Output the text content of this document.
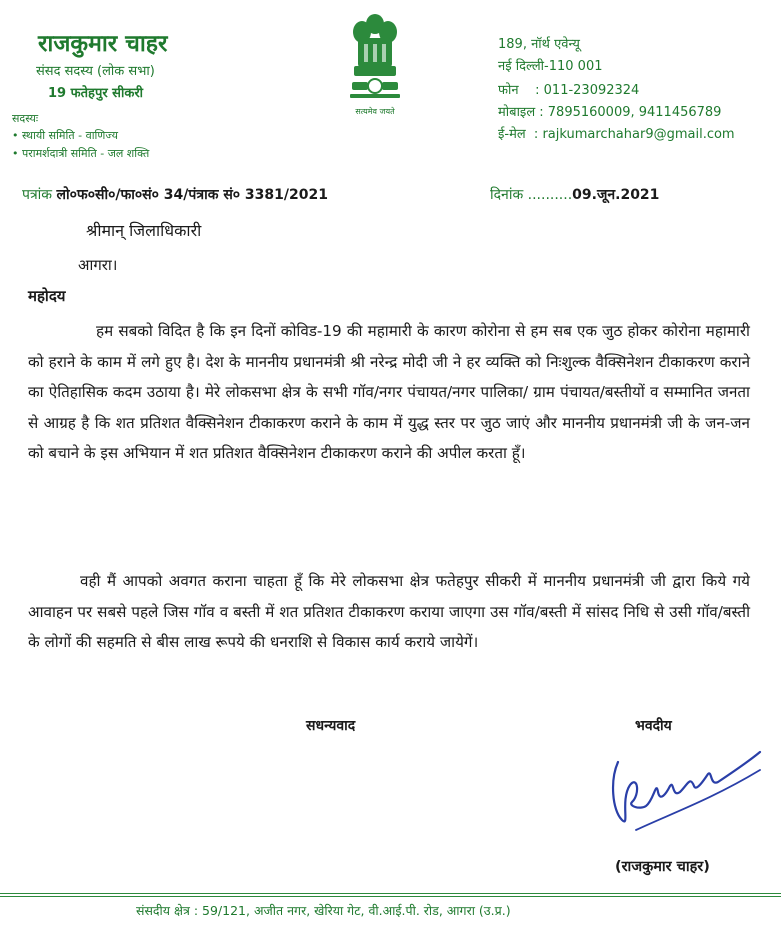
राजकुमार चाहर
संसद सदस्य (लोक सभा)
19 फतेहपुर सीकरी
सदस्यः
• स्थायी समिति - वाणिज्य
• परामर्शदात्री समिति - जल शक्ति
सत्यमेव जयते
189, नॉर्थ एवेन्यू
नई दिल्ली-110 001
फोन    : 011-23092324
मोबाइल : 7895160009, 9411456789
ई-मेल  : rajkumarchahar9@gmail.com
पत्रांक लो०फ०सी०/फा०सं० 34/पंत्राक सं० 3381/2021	दिनांक ..........09.जून.2021
श्रीमान् जिलाधिकारी
आगरा।
महोदय
हम सबको विदित है कि इन दिनों कोविड-19 की महामारी के कारण कोरोना से हम सब एक जुठ होकर कोरोना महामारी को हराने के काम में लगे हुए है। देश के माननीय प्रधानमंत्री श्री नरेन्द्र मोदी जी ने हर व्यक्ति को निःशुल्क वैक्सिनेशन टीकाकरण कराने का ऐतिहासिक कदम उठाया है। मेरे लोकसभा क्षेत्र के सभी गॉव/नगर पंचायत/नगर पालिका/ ग्राम पंचायत/बस्तीयों व सम्मानित जनता से आग्रह है कि शत प्रतिशत वैक्सिनेशन टीकाकरण कराने के काम में युद्ध स्तर पर जुठ जाएं और माननीय प्रधानमंत्री जी के जन-जन को बचाने के इस अभियान में शत प्रतिशत वैक्सिनेशन टीकाकरण कराने की अपील करता हूँ।
वही मैं आपको अवगत कराना चाहता हूँ कि मेरे लोकसभा क्षेत्र फतेहपुर सीकरी में माननीय प्रधानमंत्री जी द्वारा किये गये आवाहन पर सबसे पहले जिस गॉव व बस्ती में शत प्रतिशत टीकाकरण कराया जाएगा उस गॉव/बस्ती में सांसद निधि से उसी गॉव/बस्ती के लोगों की सहमति से बीस लाख रूपये की धनराशि से विकास कार्य कराये जायेगें।
सधन्यवाद	भवदीय
(राजकुमार चाहर)
संसदीय क्षेत्र : 59/121, अजीत नगर, खेरिया गेट, वी.आई.पी. रोड, आगरा (उ.प्र.)
